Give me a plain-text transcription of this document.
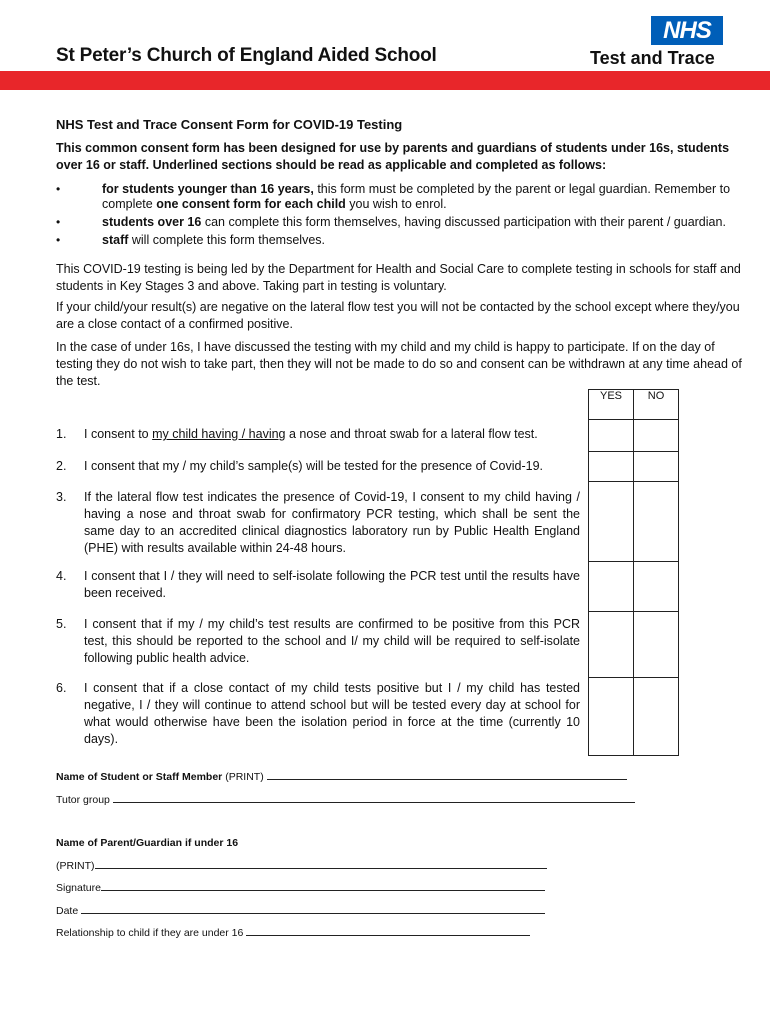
St Peter’s Church of England Aided School
NHS
Test and Trace
NHS Test and Trace Consent Form for COVID-19 Testing
This common consent form has been designed for use by parents and guardians of students under 16s, students over 16 or staff. Underlined sections should be read as applicable and completed as follows:
• for students younger than 16 years, this form must be completed by the parent or legal guardian. Remember to complete one consent form for each child you wish to enrol.
• students over 16 can complete this form themselves, having discussed participation with their parent / guardian.
• staff will complete this form themselves.
This COVID-19 testing is being led by the Department for Health and Social Care to complete testing in schools for staff and students in Key Stages 3 and above. Taking part in testing is voluntary.
If your child/your result(s) are negative on the lateral flow test you will not be contacted by the school except where they/you are a close contact of a confirmed positive.
In the case of under 16s, I have discussed the testing with my child and my child is happy to participate. If on the day of testing they do not wish to take part, then they will not be made to do so and consent can be withdrawn at any time ahead of the test.
YES	NO

1. I consent to my child having / having a nose and throat swab for a lateral flow test.
2. I consent that my / my child’s sample(s) will be tested for the presence of Covid-19.
3. If the lateral flow test indicates the presence of Covid-19, I consent to my child having / having a nose and throat swab for confirmatory PCR testing, which shall be sent the same day to an accredited clinical diagnostics laboratory run by Public Health England (PHE) with results available within 24-48 hours.
4. I consent that I / they will need to self-isolate following the PCR test until the results have been received.
5. I consent that if my / my child’s test results are confirmed to be positive from this PCR test, this should be reported to the school and I/ my child will be required to self-isolate following public health advice.
6. I consent that if a close contact of my child tests positive but I / my child has tested negative, I / they will continue to attend school but will be tested every day at school for what would otherwise have been the isolation period in force at the time (currently 10 days).
Name of Student or Staff Member (PRINT)
Tutor group
Name of Parent/Guardian if under 16
(PRINT)
Signature
Date
Relationship to child if they are under 16
